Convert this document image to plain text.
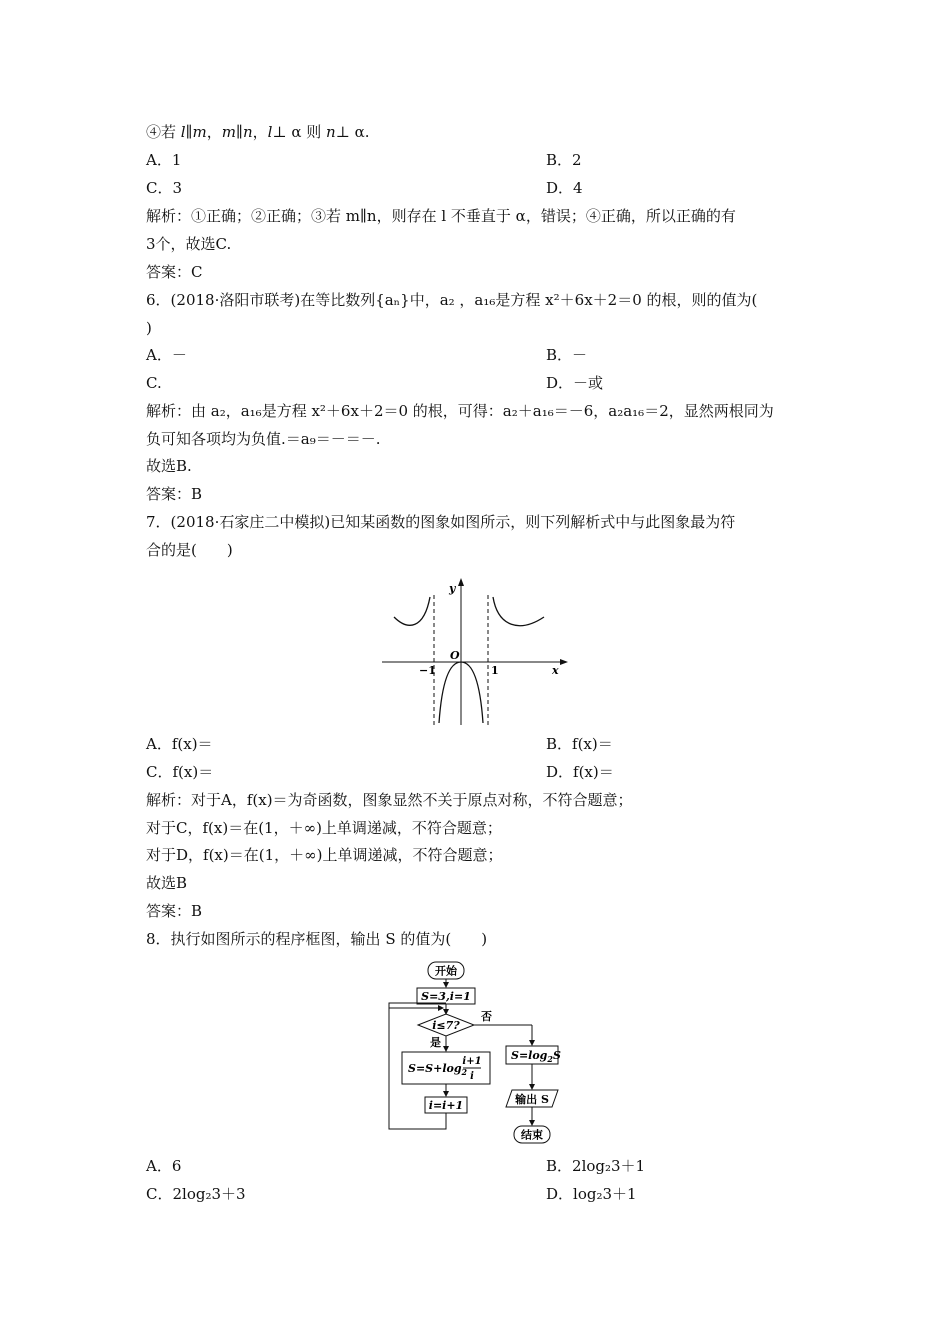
④若 l∥m，m∥n，l⊥ α 则 n⊥ α.
A．1	B．2
C．3	D．4
解析：①正确；②正确；③若 m∥n，则存在 l 不垂直于 α，错误；④正确，所以正确的有
3个，故选C.
答案：C
6．(2018·洛阳市联考)在等比数列{aₙ}中，a₂ ，a₁₆是方程 x²＋6x＋2＝0 的根，则的值为(
)
A．－	B．－
C.	D．－或
解析：由 a₂，a₁₆是方程 x²＋6x＋2＝0 的根，可得：a₂＋a₁₆＝－6，a₂a₁₆＝2，显然两根同为
负可知各项均为负值.＝a₉＝－＝－.
故选B.
答案：B
7．(2018·石家庄二中模拟)已知某函数的图象如图所示，则下列解析式中与此图象最为符
合的是(　　)
y
x
O
−1	1
A．f(x)＝	B．f(x)＝
C．f(x)＝	D．f(x)＝
解析：对于A，f(x)＝为奇函数，图象显然不关于原点对称，不符合题意；
对于C，f(x)＝在(1，＋∞)上单调递减，不符合题意；
对于D，f(x)＝在(1，＋∞)上单调递减，不符合题意；
故选B
答案：B
8．执行如图所示的程序框图，输出 S 的值为(　　)
开始
S=3,i=1
i≤7?
否
是
$S=S+\log_2$
i+1
i
i=i+1
$S=\log_2S$
输出 S
结束
A．6	B．2log₂3＋1
C．2log₂3＋3	D．log₂3＋1
